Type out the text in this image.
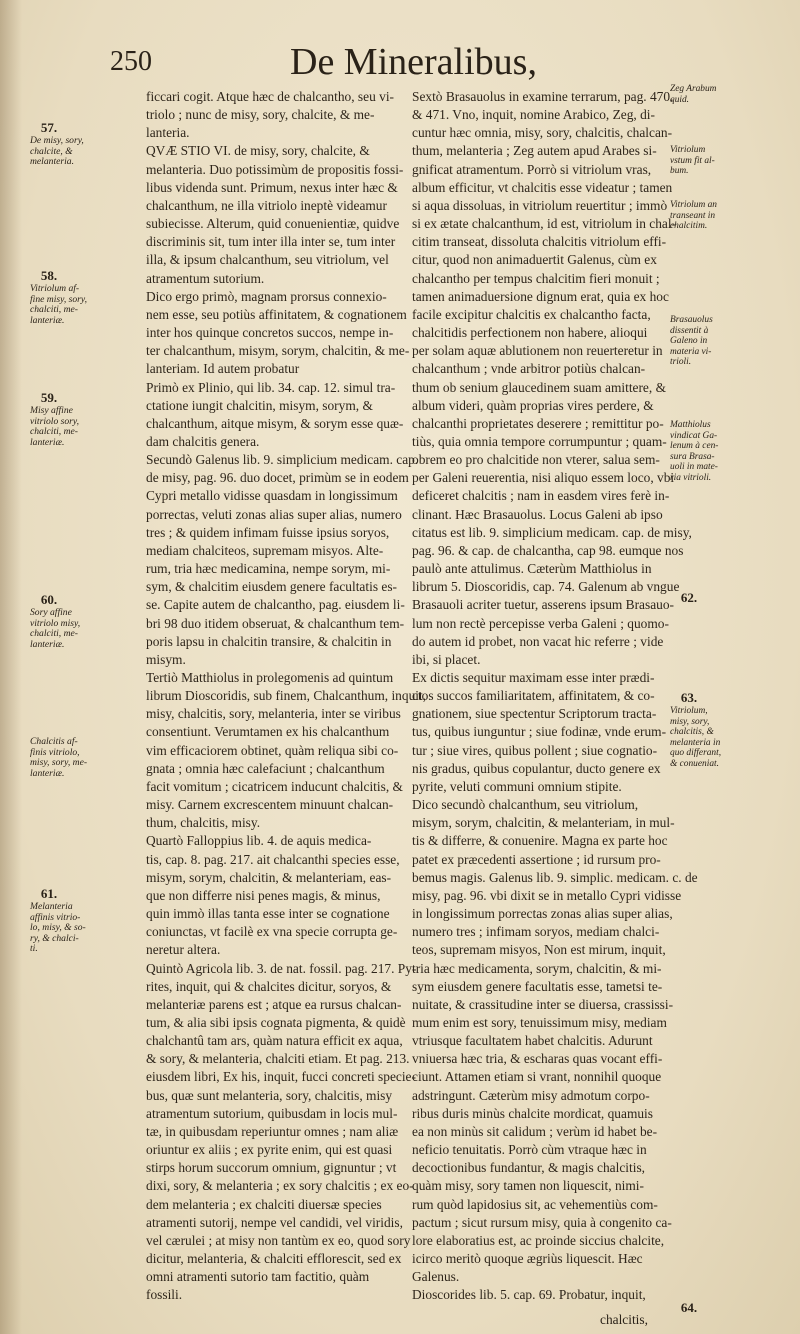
250	De Mineralibus,

ficcari cogit. Atque hæc de chalcantho, seu vi-

triolo ; nunc de misy, sory, chalcite, & me-

lanteria.

QVÆ STIO VI. de misy, sory, chalcite, &

melanteria. Duo potissimùm de propositis fossi-

libus videnda sunt. Primum, nexus inter hæc &

chalcanthum, ne illa vitriolo ineptè videamur

subiecisse. Alterum, quid conuenientiæ, quidve

discriminis sit, tum inter illa inter se, tum inter

illa, & ipsum chalcanthum, seu vitriolum, vel

atramentum sutorium.

Dico ergo primò, magnam prorsus connexio-

nem esse, seu potiùs affinitatem, & cognationem

inter hos quinque concretos succos, nempe in-

ter chalcanthum, misym, sorym, chalcitin, & me-

lanteriam. Id autem probatur

Primò ex Plinio, qui lib. 34. cap. 12. simul tra-

ctatione iungit chalcitin, misym, sorym, &

chalcanthum, aitque misym, & sorym esse quæ-

dam chalcitis genera.

Secundò Galenus lib. 9. simplicium medicam. cap.

de misy, pag. 96. duo docet, primùm se in eodem

Cypri metallo vidisse quasdam in longissimum

porrectas, veluti zonas alias super alias, numero

tres ; & quidem infimam fuisse ipsius soryos,

mediam chalciteos, supremam misyos. Alte-

rum, tria hæc medicamina, nempe sorym, mi-

sym, & chalcitim eiusdem genere facultatis es-

se. Capite autem de chalcantho, pag. eiusdem li-

bri 98 duo itidem obseruat, & chalcanthum tem-

poris lapsu in chalcitin transire, & chalcitin in

misym.

Tertiò Matthiolus in prolegomenis ad quintum

librum Dioscoridis, sub finem, Chalcanthum, inquit,

misy, chalcitis, sory, melanteria, inter se viribus

consentiunt. Verumtamen ex his chalcanthum

vim efficaciorem obtinet, quàm reliqua sibi co-

gnata ; omnia hæc calefaciunt ; chalcanthum

facit vomitum ; cicatricem inducunt chalcitis, &

misy. Carnem excrescentem minuunt chalcan-

thum, chalcitis, misy.

Quartò Falloppius lib. 4. de aquis medica-

tis, cap. 8. pag. 217. ait chalcanthi species esse,

misym, sorym, chalcitin, & melanteriam, eas-

que non differre nisi penes magis, & minus,

quin immò illas tanta esse inter se cognatione

coniunctas, vt facilè ex vna specie corrupta ge-

neretur altera.

Quintò Agricola lib. 3. de nat. fossil. pag. 217. Py-

rites, inquit, qui & chalcites dicitur, soryos, &

melanteriæ parens est ; atque ea rursus chalcan-

tum, & alia sibi ipsis cognata pigmenta, & quidè

chalchantû tam ars, quàm natura efficit ex aqua,

& sory, & melanteria, chalciti etiam. Et pag. 213.

eiusdem libri, Ex his, inquit, fucci concreti specie-

bus, quæ sunt melanteria, sory, chalcitis, misy

atramentum sutorium, quibusdam in locis mul-

tæ, in quibusdam reperiuntur omnes ; nam aliæ

oriuntur ex aliis ; ex pyrite enim, qui est quasi

stirps horum succorum omnium, gignuntur ; vt

dixi, sory, & melanteria ; ex sory chalcitis ; ex eo-

dem melanteria ; ex chalciti diuersæ species

atramenti sutorij, nempe vel candidi, vel viridis,

vel cærulei ; at misy non tantùm ex eo, quod sory

dicitur, melanteria, & chalciti efflorescit, sed ex

omni atramenti sutorio tam factitio, quàm

fossili.

Sextò Brasauolus in examine terrarum, pag. 470.

& 471. Vno, inquit, nomine Arabico, Zeg, di-

cuntur hæc omnia, misy, sory, chalcitis, chalcan-

thum, melanteria ; Zeg autem apud Arabes si-

gnificat atramentum. Porrò si vitriolum vras,

album efficitur, vt chalcitis esse videatur ; tamen

si aqua dissoluas, in vitriolum reuertitur ; immò

si ex ætate chalcanthum, id est, vitriolum in chal-

citim transeat, dissoluta chalcitis vitriolum effi-

citur, quod non animaduertit Galenus, cùm ex

chalcantho per tempus chalcitim fieri monuit ;

tamen animaduersione dignum erat, quia ex hoc

facile excipitur chalcitis ex chalcantho facta,

chalcitidis perfectionem non habere, alioqui

per solam aquæ ablutionem non reuerteretur in

chalcanthum ; vnde arbitror potiùs chalcan-

thum ob senium glaucedinem suam amittere, &

album videri, quàm proprias vires perdere, &

chalcanthi proprietates deserere ; remittitur po-

tiùs, quia omnia tempore corrumpuntur ; quam-

obrem eo pro chalcitide non vterer, salua sem-

per Galeni reuerentia, nisi aliquo essem loco, vbi

deficeret chalcitis ; nam in easdem vires ferè in-

clinant. Hæc Brasauolus. Locus Galeni ab ipso

citatus est lib. 9. simplicium medicam. cap. de misy,

pag. 96. & cap. de chalcantha, cap 98. eumque nos

paulò ante attulimus. Cæterùm Matthiolus in

librum 5. Dioscoridis, cap. 74. Galenum ab vngue

Brasauoli acriter tuetur, asserens ipsum Brasauo-

lum non rectè percepisse verba Galeni ; quomo-

do autem id probet, non vacat hic referre ; vide

ibi, si placet.

Ex dictis sequitur maximam esse inter prædi-

ctos succos familiaritatem, affinitatem, & co-

gnationem, siue spectentur Scriptorum tracta-

tus, quibus iunguntur ; siue fodinæ, vnde erum-

tur ; siue vires, quibus pollent ; siue cognatio-

nis gradus, quibus copulantur, ducto genere ex

pyrite, veluti communi omnium stipite.

Dico secundò chalcanthum, seu vitriolum,

misym, sorym, chalcitin, & melanteriam, in mul-

tis & differre, & conuenire. Magna ex parte hoc

patet ex præcedenti assertione ; id rursum pro-

bemus magis. Galenus lib. 9. simplic. medicam. c. de

misy, pag. 96. vbi dixit se in metallo Cypri vidisse

in longissimum porrectas zonas alias super alias,

numero tres ; infimam soryos, mediam chalci-

teos, supremam misyos, Non est mirum, inquit,

tria hæc medicamenta, sorym, chalcitin, & mi-

sym eiusdem generе facultatis esse, tametsi te-

nuitate, & crassitudine inter se diuersa, crassissi-

mum enim est sory, tenuissimum misy, mediam

vtriusque facultatem habet chalcitis. Adurunt

vniuersa hæc tria, & escharas quas vocant effi-

ciunt. Attamen etiam si vrant, nonnihil quoque

adstringunt. Cæterùm misy admotum corpo-

ribus duris minùs chalcite mordicat, quamuis

ea non minùs sit calidum ; verùm id habet be-

neficio tenuitatis. Porrò cùm vtraque hæc in

decoctionibus fundantur, & magis chalcitis,

quàm misy, sory tamen non liquescit, nimi-

rum quòd lapidosius sit, ac vehementiùs com-

pactum ; sicut rursum misy, quia à congenito ca-

lore elaboratius est, ac proinde siccius chalcite,

icirco meritò quoque ægriùs liquescit. Hæc

Galenus.

Dioscorides lib. 5. cap. 69. Probatur, inquit,

57.
De misy, sory,
chalcite, &
melanteria.
58.
Vitriolum af-
fine misy, sory,
chalciti, me-
lanteriæ.
59.
Misy affine
vitriolo sory,
chalciti, me-
lanteriæ.
60.
Sory affine
vitriolo misy,
chalciti, me-
lanteriæ.
Chalcitis af-
finis vitriolo,
misy, sory, me-
lanteriæ.
61.
Melanteria
affinis vitrio-
lo, misy, & so-
ry, & chalci-
ti.
Zeg Arabum
quid.
Vitriolum
vstum fit al-
bum.
Vitriolum an
transeant in
chalcitim.
Brasauolus
dissentit à
Galeno in
materia vi-
trioli.
Matthiolus
vindicat Ga-
lenum à cen-
sura Brasa-
uoli in mate-
ria vitrioli.
62.
63.
Vitriolum,
misy, sory,
chalcitis, &
melanteria in
quo differant,
& conueniat.
64.
chalcitis,
